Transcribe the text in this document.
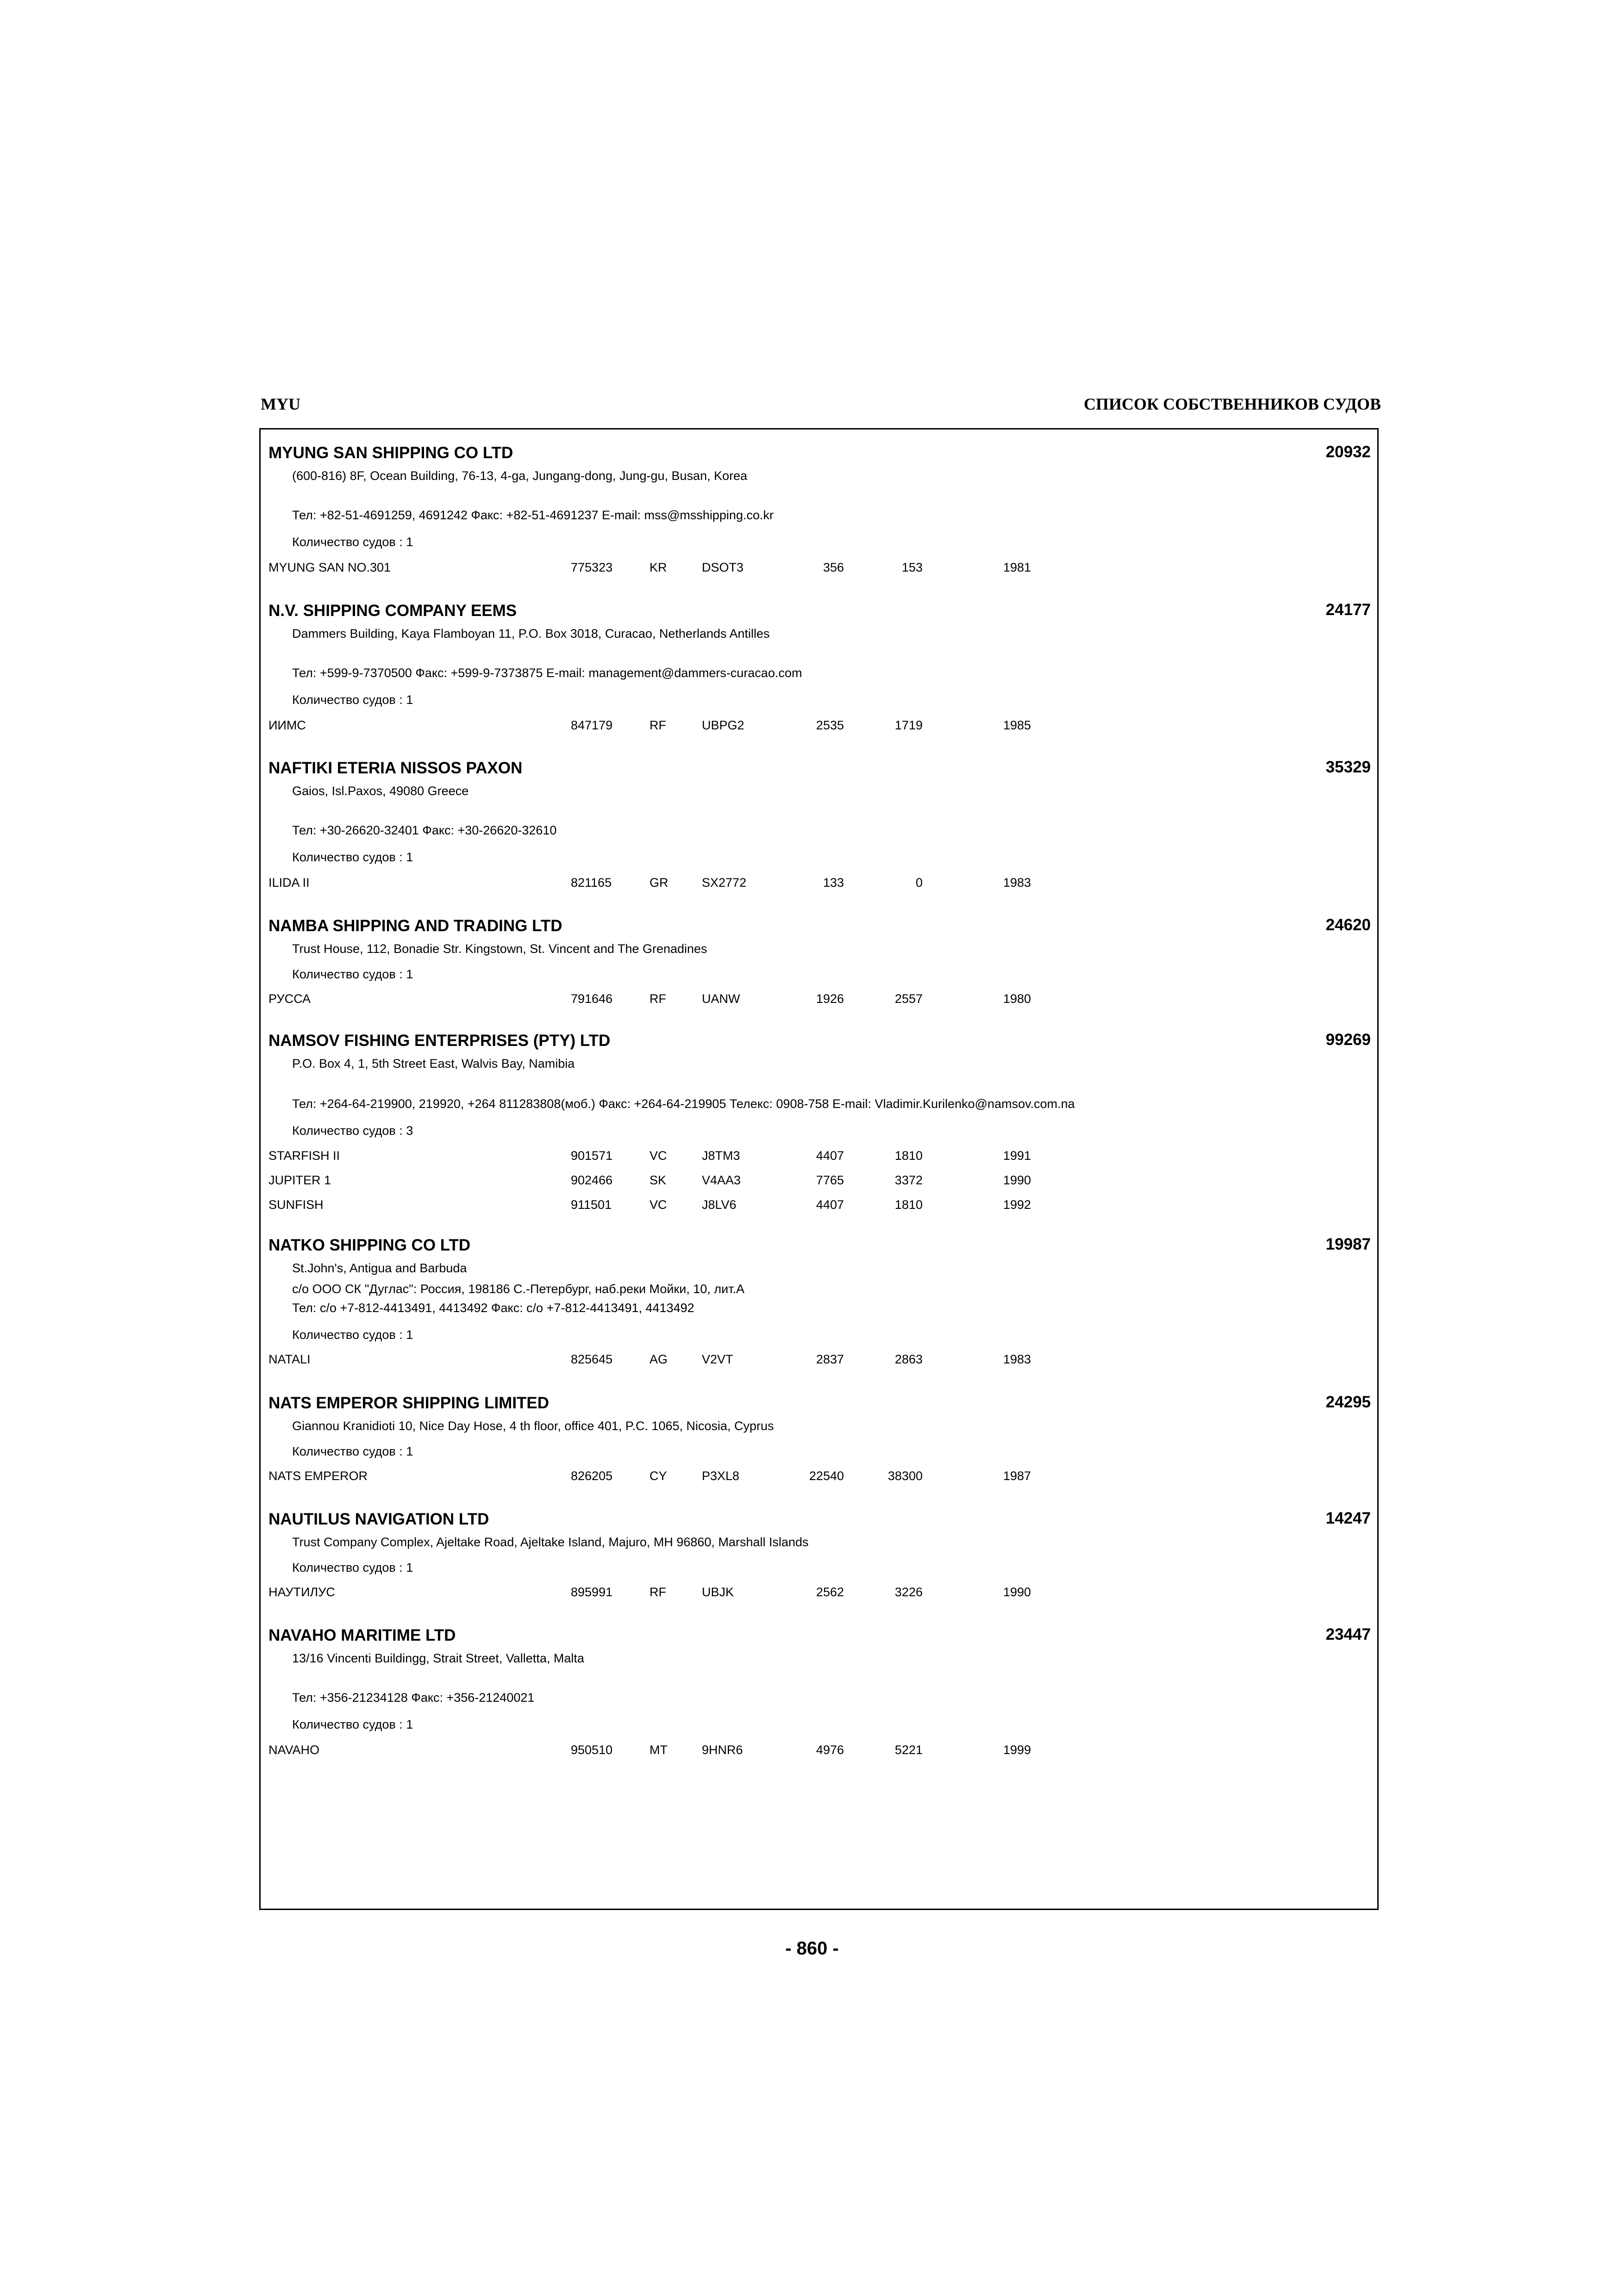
MYU	СПИСОК СОБСТВЕННИКОВ СУДОВ
MYUNG SAN SHIPPING CO LTD	20932
(600-816) 8F, Ocean Building, 76-13, 4-ga, Jungang-dong, Jung-gu, Busan, Korea
Тел: +82-51-4691259, 4691242 Факс: +82-51-4691237 E-mail: mss@msshipping.co.kr
Количество судов : 1
MYUNG SAN NO.301	775323	KR	DSOT3	356	153	1981
N.V. SHIPPING COMPANY EEMS	24177
Dammers Building, Kaya Flamboyan 11, P.O. Box 3018, Curacao, Netherlands Antilles
Тел: +599-9-7370500 Факс: +599-9-7373875 E-mail: management@dammers-curacao.com
Количество судов : 1
ИИМС	847179	RF	UBPG2	2535	1719	1985
NAFTIKI ETERIA NISSOS PAXON	35329
Gaios, Isl.Paxos, 49080 Greece
Тел: +30-26620-32401 Факс: +30-26620-32610
Количество судов : 1
ILIDA II	821165	GR	SX2772	133	0	1983
NAMBA SHIPPING AND TRADING LTD	24620
Trust House, 112, Bonadie Str. Kingstown, St. Vincent and The Grenadines
Количество судов : 1
РУССА	791646	RF	UANW	1926	2557	1980
NAMSOV FISHING ENTERPRISES (PTY) LTD	99269
P.O. Box 4, 1, 5th Street East, Walvis Bay, Namibia
Тел: +264-64-219900, 219920, +264 811283808(моб.) Факс: +264-64-219905 Телекс: 0908-758 E-mail: Vladimir.Kurilenko@namsov.com.na
Количество судов : 3
STARFISH II	901571	VC	J8TM3	4407	1810	1991
JUPITER 1	902466	SK	V4AA3	7765	3372	1990
SUNFISH	911501	VC	J8LV6	4407	1810	1992
NATKO SHIPPING CO LTD	19987
St.John's, Antigua and Barbuda
c/o ООО СК "Дуглас": Россия, 198186 С.-Петербург, наб.реки Мойки, 10, лит.А
Тел: c/o +7-812-4413491, 4413492 Факс: c/o +7-812-4413491, 4413492
Количество судов : 1
NATALI	825645	AG	V2VT	2837	2863	1983
NATS EMPEROR SHIPPING LIMITED	24295
Giannou Kranidioti 10, Nice Day Hose, 4 th floor, office 401, P.C. 1065, Nicosia, Cyprus
Количество судов : 1
NATS EMPEROR	826205	CY	P3XL8	22540	38300	1987
NAUTILUS NAVIGATION LTD	14247
Trust Company Complex, Ajeltake Road, Ajeltake Island, Majuro, MH 96860, Marshall Islands
Количество судов : 1
НАУТИЛУС	895991	RF	UBJK	2562	3226	1990
NAVAHO MARITIME LTD	23447
13/16 Vincenti Buildingg, Strait Street, Valletta, Malta
Тел: +356-21234128 Факс: +356-21240021
Количество судов : 1
NAVAHO	950510	MT	9HNR6	4976	5221	1999
- 860 -
